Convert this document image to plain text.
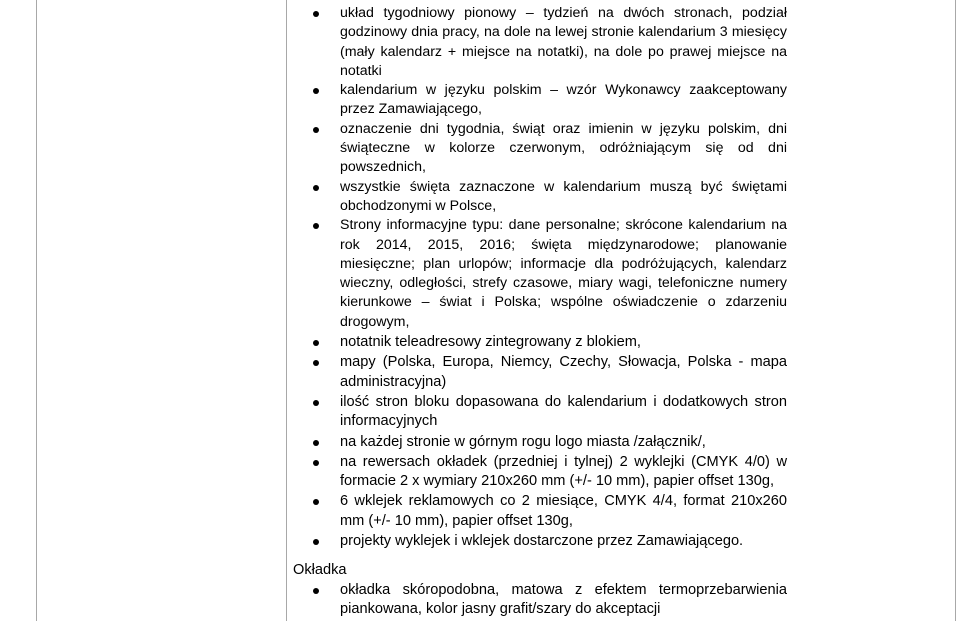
układ tygodniowy pionowy – tydzień na dwóch stronach, podział godzinowy dnia pracy, na dole na lewej stronie kalendarium 3 miesięcy (mały kalendarz + miejsce na notatki), na dole po prawej miejsce na notatki
kalendarium w języku polskim – wzór Wykonawcy zaakceptowany przez Zamawiającego,
oznaczenie dni tygodnia, świąt oraz imienin w języku polskim, dni świąteczne w kolorze czerwonym, odróżniającym się od dni powszednich,
wszystkie święta zaznaczone w kalendarium muszą być świętami obchodzonymi w Polsce,
Strony informacyjne typu: dane personalne; skrócone kalendarium na rok 2014, 2015, 2016; święta międzynarodowe; planowanie miesięczne; plan urlopów; informacje dla podróżujących, kalendarz wieczny, odległości, strefy czasowe, miary wagi, telefoniczne numery kierunkowe – świat i Polska; wspólne oświadczenie o zdarzeniu drogowym,
notatnik teleadresowy zintegrowany z blokiem,
mapy (Polska, Europa, Niemcy, Czechy, Słowacja, Polska - mapa administracyjna)
ilość stron bloku dopasowana do kalendarium i dodatkowych stron informacyjnych
na każdej stronie w górnym rogu logo miasta /załącznik/,
na rewersach okładek (przedniej i tylnej) 2 wyklejki (CMYK 4/0) w formacie 2 x wymiary 210x260 mm (+/- 10 mm), papier offset 130g,
6 wklejek reklamowych co 2 miesiące, CMYK 4/4, format 210x260 mm (+/- 10 mm), papier offset 130g,
projekty wyklejek i wklejek dostarczone przez Zamawiającego.
Okładka
okładka skóropodobna, matowa z efektem termoprzebarwienia piankowana, kolor jasny grafit/szary do akceptacji
